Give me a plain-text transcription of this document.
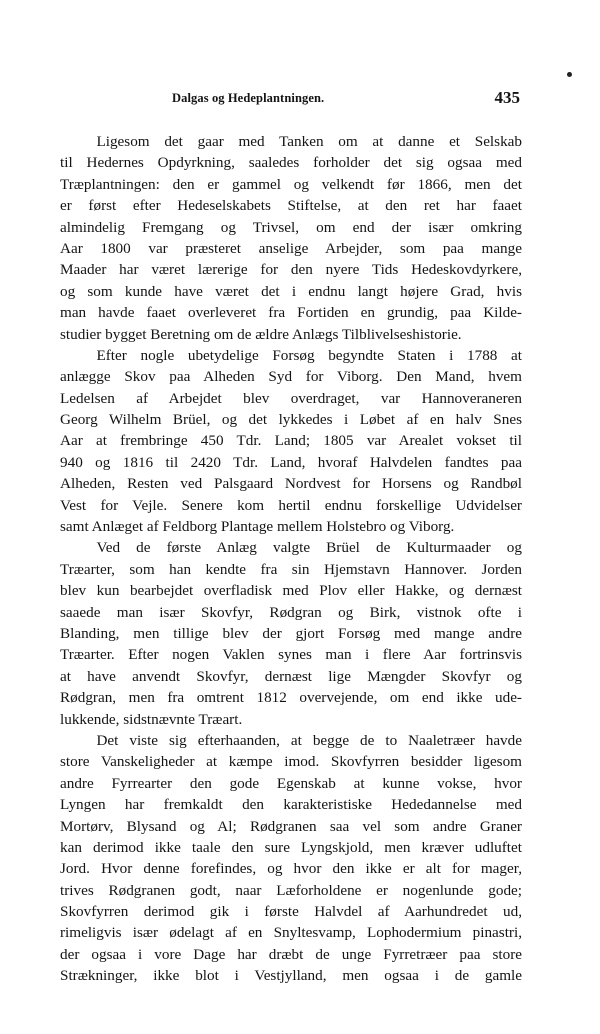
Dalgas og Hedeplantningen.	435
Ligesom det gaar med Tanken om at danne et Selskab
til Hedernes Opdyrkning, saaledes forholder det sig ogsaa med
Træplantningen: den er gammel og velkendt før 1866, men det
er først efter Hedeselskabets Stiftelse, at den ret har faaet
almindelig Fremgang og Trivsel, om end der især omkring
Aar 1800 var præsteret anselige Arbejder, som paa mange
Maader har været lærerige for den nyere Tids Hedeskovdyrkere,
og som kunde have været det i endnu langt højere Grad, hvis
man havde faaet overleveret fra Fortiden en grundig, paa Kilde-
studier bygget Beretning om de ældre Anlægs Tilblivelseshistorie.
Efter nogle ubetydelige Forsøg begyndte Staten i 1788 at
anlægge Skov paa Alheden Syd for Viborg. Den Mand, hvem
Ledelsen af Arbejdet blev overdraget, var Hannoveraneren
Georg Wilhelm Brüel, og det lykkedes i Løbet af en halv Snes
Aar at frembringe 450 Tdr. Land; 1805 var Arealet vokset til
940 og 1816 til 2420 Tdr. Land, hvoraf Halvdelen fandtes paa
Alheden, Resten ved Palsgaard Nordvest for Horsens og Randbøl
Vest for Vejle. Senere kom hertil endnu forskellige Udvidelser
samt Anlæget af Feldborg Plantage mellem Holstebro og Viborg.
Ved de første Anlæg valgte Brüel de Kulturmaader og
Træarter, som han kendte fra sin Hjemstavn Hannover. Jorden
blev kun bearbejdet overfladisk med Plov eller Hakke, og dernæst
saaede man især Skovfyr, Rødgran og Birk, vistnok ofte i
Blanding, men tillige blev der gjort Forsøg med mange andre
Træarter. Efter nogen Vaklen synes man i flere Aar fortrinsvis
at have anvendt Skovfyr, dernæst lige Mængder Skovfyr og
Rødgran, men fra omtrent 1812 overvejende, om end ikke ude-
lukkende, sidstnævnte Træart.
Det viste sig efterhaanden, at begge de to Naaletræer havde
store Vanskeligheder at kæmpe imod. Skovfyrren besidder ligesom
andre Fyrrearter den gode Egenskab at kunne vokse, hvor
Lyngen har fremkaldt den karakteristiske Hededannelse med
Mortørv, Blysand og Al; Rødgranen saa vel som andre Graner
kan derimod ikke taale den sure Lyngskjold, men kræver udluftet
Jord. Hvor denne forefindes, og hvor den ikke er alt for mager,
trives Rødgranen godt, naar Læforholdene er nogenlunde gode;
Skovfyrren derimod gik i første Halvdel af Aarhundredet ud,
rimeligvis især ødelagt af en Snyltesvamp, Lophodermium pinastri,
der ogsaa i vore Dage har dræbt de unge Fyrretræer paa store
Strækninger, ikke blot i Vestjylland, men ogsaa i de gamle
